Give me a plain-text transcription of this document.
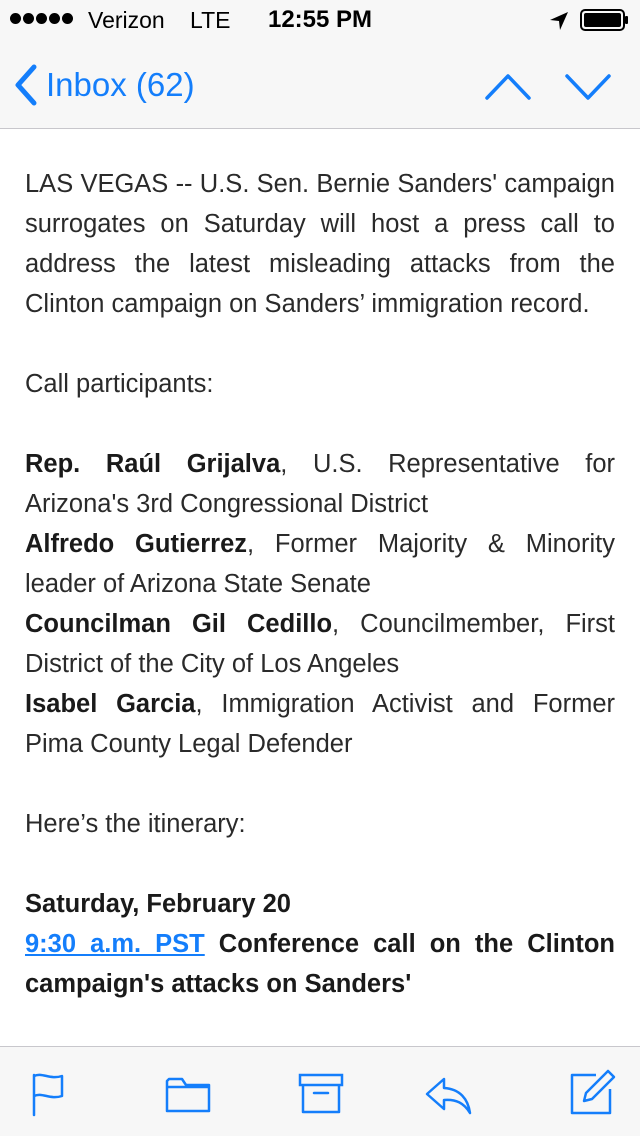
Verizon LTE	12:55 PM
Inbox (62)

LAS VEGAS -- U.S. Sen. Bernie Sanders' campaign surrogates on Saturday will host a press call to address the latest misleading attacks from the Clinton campaign on Sanders’ immigration record.

Call participants:

Rep. Raúl Grijalva, U.S. Representative for Arizona's 3rd Congressional District

Alfredo Gutierrez, Former Majority & Minority leader of Arizona State Senate

Councilman Gil Cedillo, Councilmember, First District of the City of Los Angeles

Isabel Garcia, Immigration Activist and Former Pima County Legal Defender

Here’s the itinerary:

Saturday, February 20

9:30 a.m. PST Conference call on the Clinton campaign's attacks on Sanders'
